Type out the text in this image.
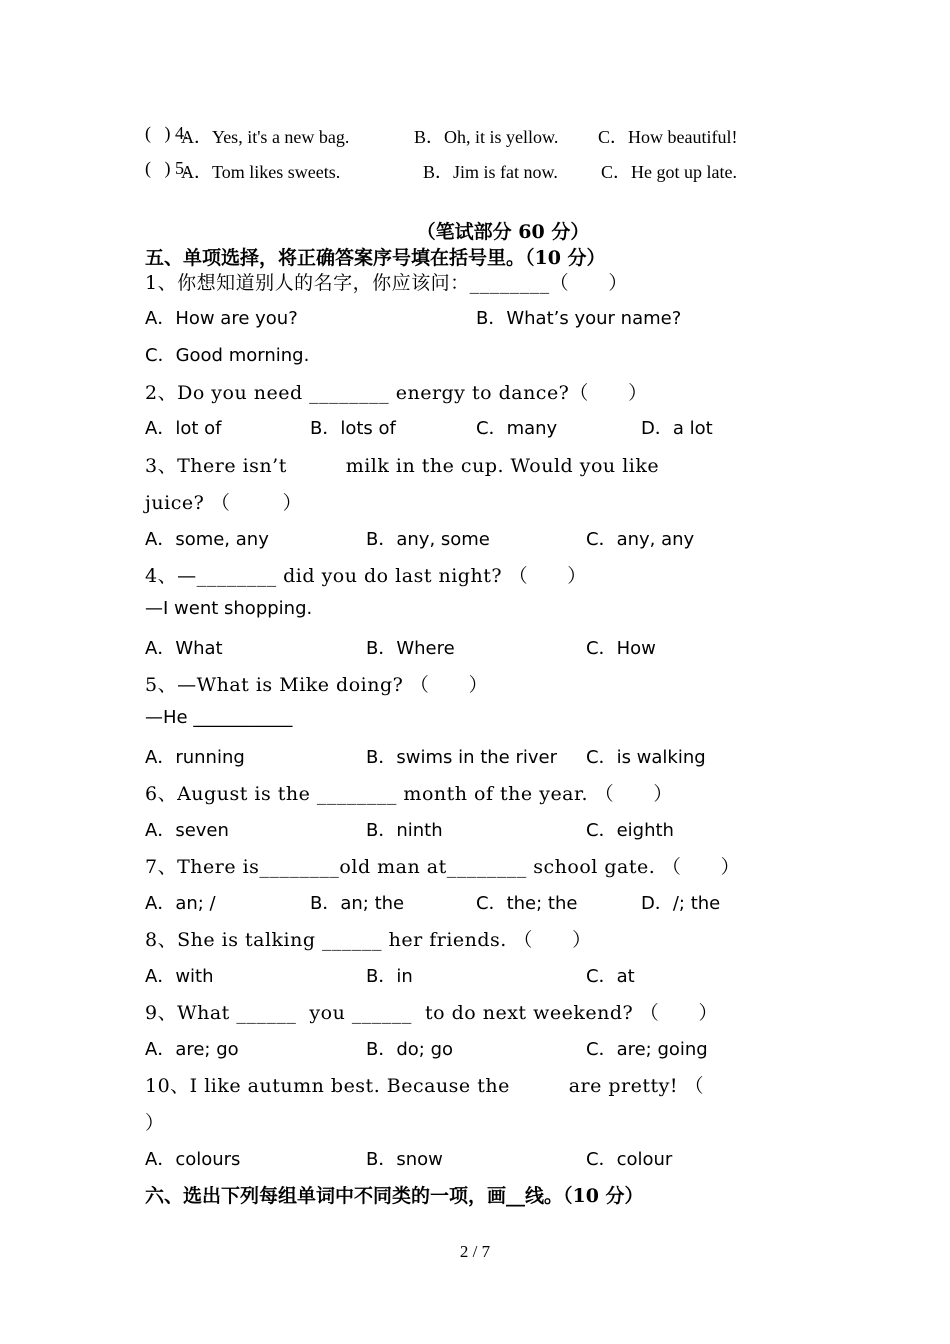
(   ) 4.
A．Yes, it's a new bag.	B．Oh, it is yellow. C．How beautiful!
(   ) 5.
A．Tom likes sweets.	B．Jim is fat now. C．He got up late.
（笔试部分 60 分）
五、单项选择，将正确答案序号填在括号里。（10 分）
1、你想知道别人的名字，你应该问：________（      ）
A．How are you?	B．What’s your name?
C．Good morning.
2、Do you need ________ energy to dance?（      ）
A．lot of	B．lots of	C．many	D．a lot
3、There isn’t         milk in the cup. Would you like
juice? （        ）
A．some, any	B．any, some	C．any, any
4、—________ did you do last night? （      ）
—I went shopping.
A．What	B．Where	C．How
5、—What is Mike doing? （      ）
—He ___________
A．running	B．swims in the river C．is walking
6、August is the ________ month of the year. （      ）
A．seven	B．ninth	C．eighth
7、There is________old man at________ school gate. （      ）
A．an; /	B．an; the	C．the; the	D．/; the
8、She is talking ______ her friends. （      ）
A．with	B．in	C．at
9、What ______  you ______  to do next weekend? （      ）
A．are; go	B．do; go	C．are; going
10、I like autumn best. Because the         are pretty! （
）
A．colours	B．snow	C．colour
六、选出下列每组单词中不同类的一项，画__线。（10 分）
2 / 7
